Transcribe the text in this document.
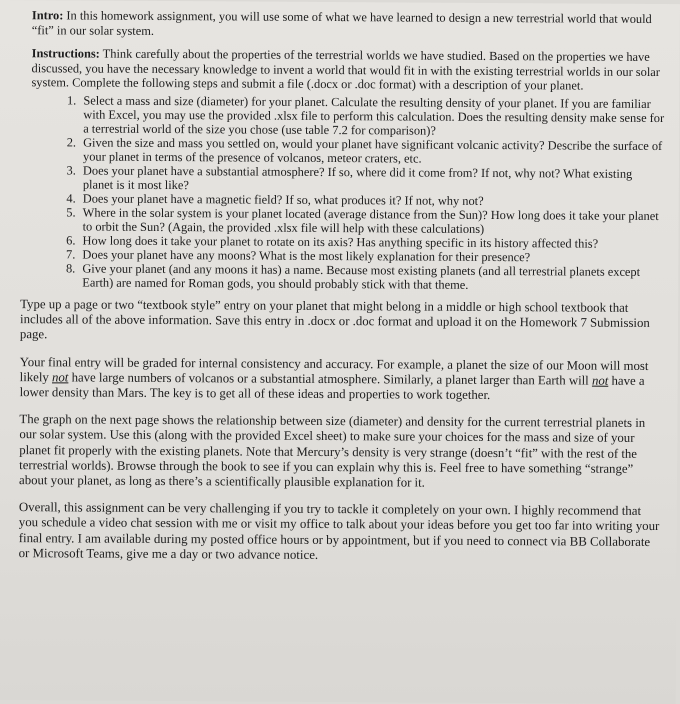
Intro: In this homework assignment, you will use some of what we have learned to design a new terrestrial world that would “fit” in our solar system.

Instructions: Think carefully about the properties of the terrestrial worlds we have studied. Based on the properties we have discussed, you have the necessary knowledge to invent a world that would fit in with the existing terrestrial worlds in our solar system. Complete the following steps and submit a file (.docx or .doc format) with a description of your planet.

1. Select a mass and size (diameter) for your planet. Calculate the resulting density of your planet. If you are familiar with Excel, you may use the provided .xlsx file to perform this calculation. Does the resulting density make sense for a terrestrial world of the size you chose (use table 7.2 for comparison)?
2. Given the size and mass you settled on, would your planet have significant volcanic activity? Describe the surface of your planet in terms of the presence of volcanos, meteor craters, etc.
3. Does your planet have a substantial atmosphere? If so, where did it come from? If not, why not? What existing planet is it most like?
4. Does your planet have a magnetic field? If so, what produces it? If not, why not?
5. Where in the solar system is your planet located (average distance from the Sun)? How long does it take your planet to orbit the Sun? (Again, the provided .xlsx file will help with these calculations)
6. How long does it take your planet to rotate on its axis? Has anything specific in its history affected this?
7. Does your planet have any moons? What is the most likely explanation for their presence?
8. Give your planet (and any moons it has) a name. Because most existing planets (and all terrestrial planets except Earth) are named for Roman gods, you should probably stick with that theme.

Type up a page or two “textbook style” entry on your planet that might belong in a middle or high school textbook that includes all of the above information. Save this entry in .docx or .doc format and upload it on the Homework 7 Submission page.

Your final entry will be graded for internal consistency and accuracy. For example, a planet the size of our Moon will most likely not have large numbers of volcanos or a substantial atmosphere. Similarly, a planet larger than Earth will not have a lower density than Mars. The key is to get all of these ideas and properties to work together.

The graph on the next page shows the relationship between size (diameter) and density for the current terrestrial planets in our solar system. Use this (along with the provided Excel sheet) to make sure your choices for the mass and size of your planet fit properly with the existing planets. Note that Mercury’s density is very strange (doesn’t “fit” with the rest of the terrestrial worlds). Browse through the book to see if you can explain why this is. Feel free to have something “strange” about your planet, as long as there’s a scientifically plausible explanation for it.

Overall, this assignment can be very challenging if you try to tackle it completely on your own. I highly recommend that you schedule a video chat session with me or visit my office to talk about your ideas before you get too far into writing your final entry. I am available during my posted office hours or by appointment, but if you need to connect via BB Collaborate or Microsoft Teams, give me a day or two advance notice.
